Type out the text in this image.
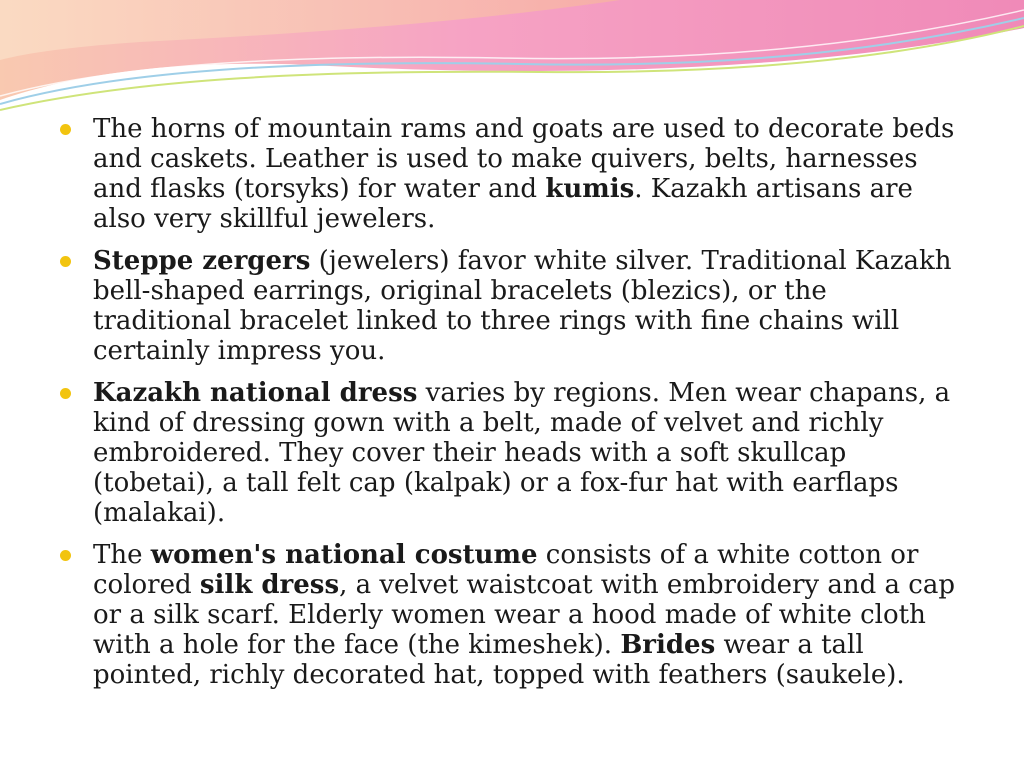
The horns of mountain rams and goats are used to decorate beds and caskets. Leather is used to make quivers, belts, harnesses and flasks (torsyks) for water and kumis. Kazakh artisans are also very skillful jewelers.
Steppe zergers (jewelers) favor white silver. Traditional Kazakh bell-shaped earrings, original bracelets (blezics), or the traditional bracelet linked to three rings with fine chains will certainly impress you.
Kazakh national dress varies by regions. Men wear chapans, a kind of dressing gown with a belt, made of velvet and richly embroidered. They cover their heads with a soft skullcap (tobetai), a tall felt cap (kalpak) or a fox-fur hat with earflaps (malakai).
The women's national costume consists of a white cotton or colored silk dress, a velvet waistcoat with embroidery and a cap or a silk scarf. Elderly women wear a hood made of white cloth with a hole for the face (the kimeshek). Brides wear a tall pointed, richly decorated hat, topped with feathers (saukele).
